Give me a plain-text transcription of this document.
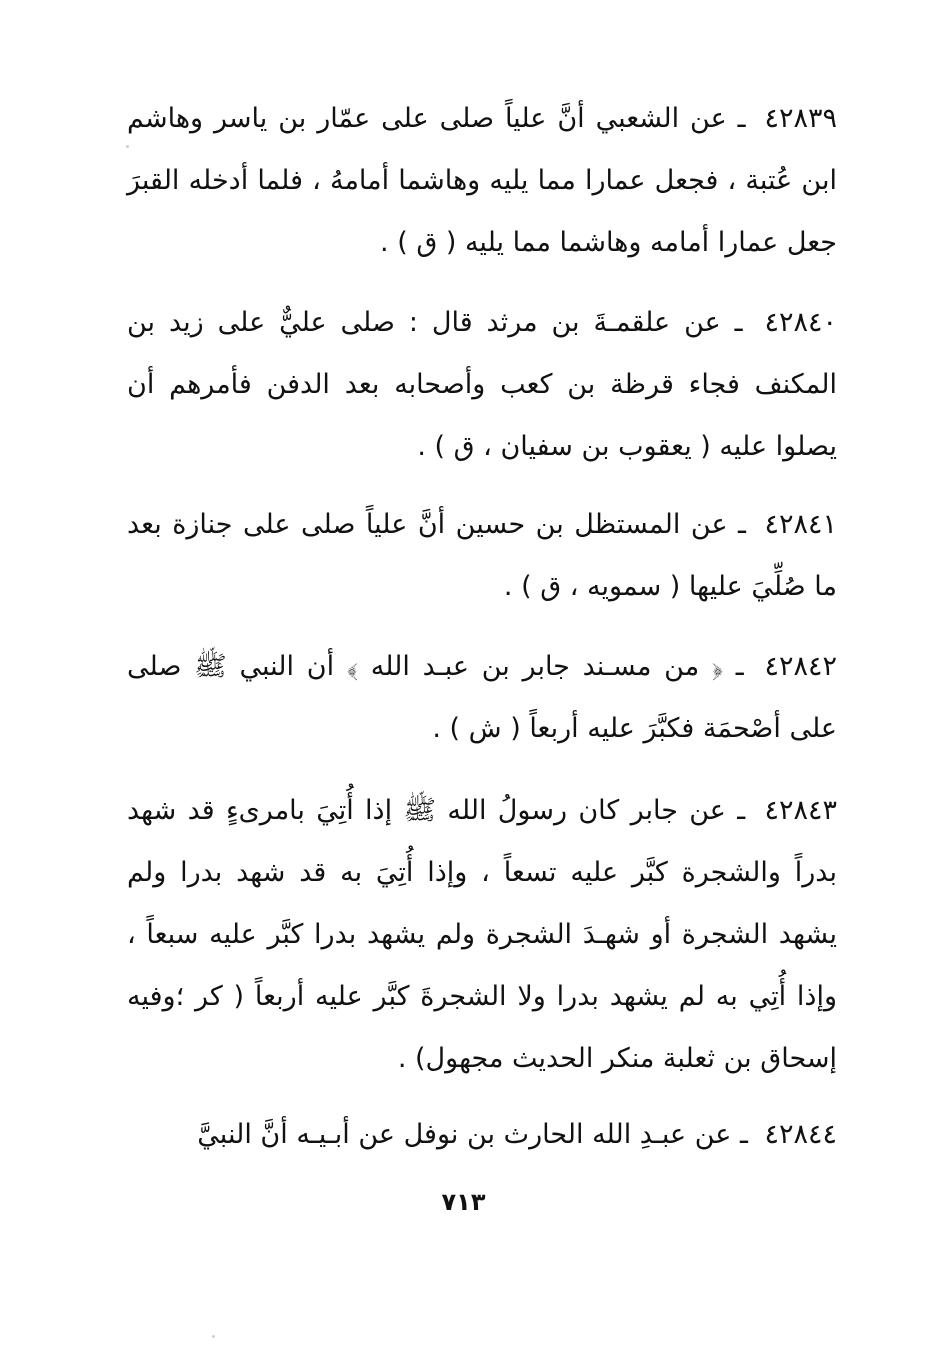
٤٢٨٣٩ ـ عن الشعبي أنَّ علياً صلى على عمّار بن ياسر وهاشم ابن عُتبة ، فجعل عمارا مما يليه وهاشما أمامهُ ، فلما أدخله القبرَ جعل عمارا أمامه وهاشما مما يليه ( ق ) .

٤٢٨٤٠ ـ عن علقمـةَ بن مرثد قال : صلى عليٌّ على زيد بن المكنف فجاء قرظة بن كعب وأصحابه بعد الدفن فأمرهم أن يصلوا عليه ( يعقوب بن سفيان ، ق ) .

٤٢٨٤١ ـ عن المستظل بن حسين أنَّ علياً صلى على جنازة بعد ما صُلِّيَ عليها ( سمويه ، ق ) .

٤٢٨٤٢ ـ ﴿ من مسـند جابر بن عبـد الله ﴾ أن النبي ﷺ صلى على أصْحمَة فكبَّرَ عليه أربعاً ( ش ) .

٤٢٨٤٣ ـ عن جابر كان رسولُ الله ﷺ إذا أُتِيَ بامرىءٍ قد شهد بدراً والشجرة كبَّر عليه تسعاً ، وإذا أُتِيَ به قد شهد بدرا ولم يشهد الشجرة أو شهـدَ الشجرة ولم يشهد بدرا كبَّر عليه سبعاً ، وإذا أُتِي به لم يشهد بدرا ولا الشجرةَ كبَّر عليه أربعاً ( كر ؛وفيه إسحاق بن ثعلبة منكر الحديث مجهول) .

٤٢٨٤٤ ـ عن عبـدِ الله الحارث بن نوفل عن أبـيـه أنَّ النبيَّ

٧١٣
